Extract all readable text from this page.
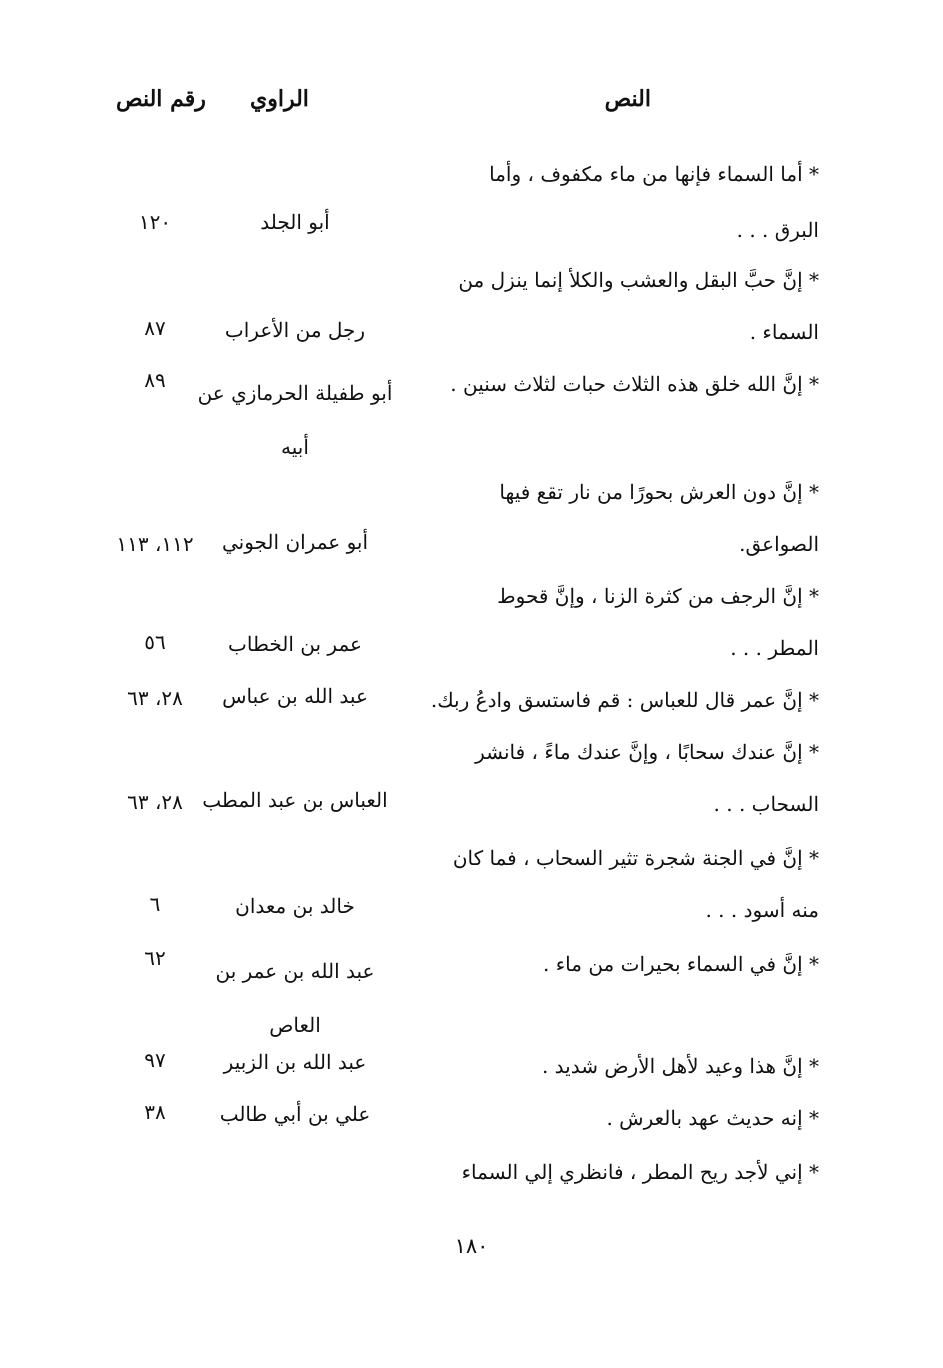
النص
الراوي
رقم النص
* أما السماء فإنها من ماء مكفوف ، وأما
البرق . . .
أبو الجلد
١٢٠
* إنَّ حبَّ البقل والعشب والكلأ إنما ينزل من
السماء .
رجل من الأعراب
٨٧
* إنَّ الله خلق هذه الثلاث حبات لثلاث سنين .
أبو طفيلة الحرمازي عن أبيه
٨٩
* إنَّ دون العرش بحورًا من نار تقع فيها
الصواعق.
أبو عمران الجوني
١١٢، ١١٣
* إنَّ الرجف من كثرة الزنا ، وإنَّ قحوط
المطر . . .
عمر بن الخطاب
٥٦
* إنَّ عمر قال للعباس : قم فاستسق وادعُ ربك.
عبد الله بن عباس
٢٨، ٦٣
* إنَّ عندك سحابًا ، وإنَّ عندك ماءً ، فانشر
السحاب . . .
العباس بن عبد المطب
٢٨، ٦٣
* إنَّ في الجنة شجرة تثير السحاب ، فما كان
منه أسود . . .
خالد بن معدان
٦
* إنَّ في السماء بحيرات من ماء .
عبد الله بن عمر بن العاص
٦٢
* إنَّ هذا وعيد لأهل الأرض شديد .
عبد الله بن الزبير
٩٧
* إنه حديث عهد بالعرش .
علي بن أبي طالب
٣٨
* إني لأجد ريح المطر ، فانظري إلي السماء
١٨٠
